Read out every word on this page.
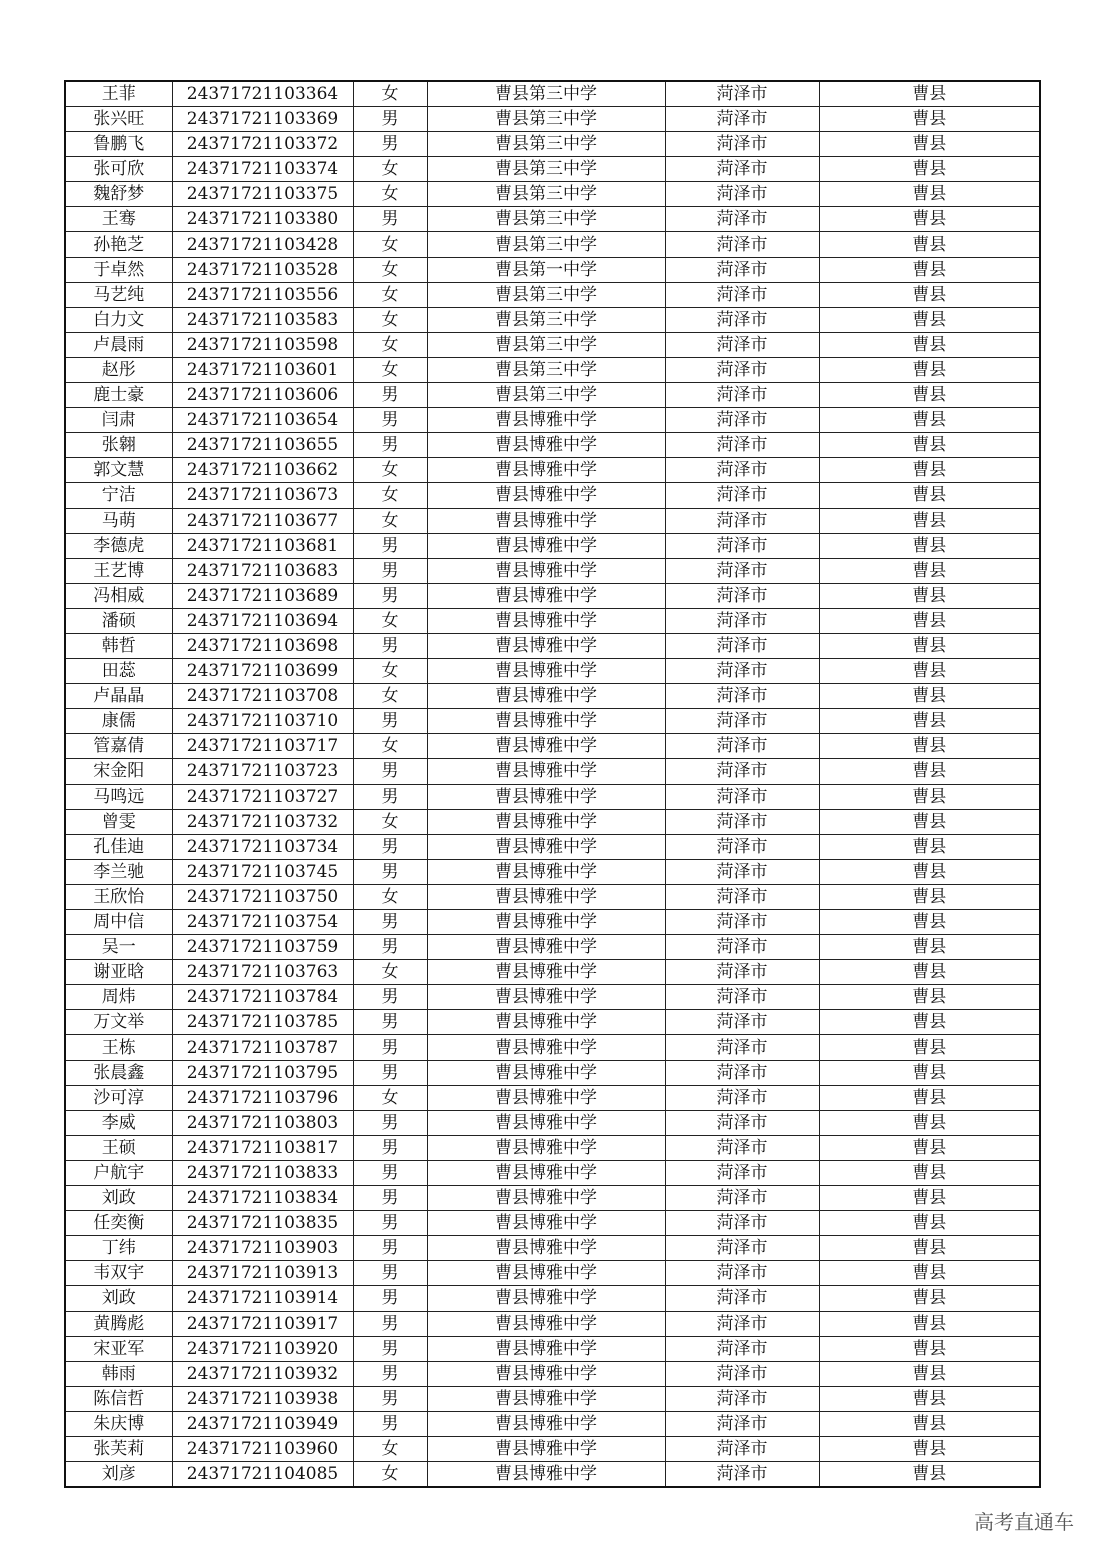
王菲	24371721103364	女	曹县第三中学	菏泽市	曹县
张兴旺	24371721103369	男	曹县第三中学	菏泽市	曹县
鲁鹏飞	24371721103372	男	曹县第三中学	菏泽市	曹县
张可欣	24371721103374	女	曹县第三中学	菏泽市	曹县
魏舒梦	24371721103375	女	曹县第三中学	菏泽市	曹县
王骞	24371721103380	男	曹县第三中学	菏泽市	曹县
孙艳芝	24371721103428	女	曹县第三中学	菏泽市	曹县
于卓然	24371721103528	女	曹县第一中学	菏泽市	曹县
马艺纯	24371721103556	女	曹县第三中学	菏泽市	曹县
白力文	24371721103583	女	曹县第三中学	菏泽市	曹县
卢晨雨	24371721103598	女	曹县第三中学	菏泽市	曹县
赵彤	24371721103601	女	曹县第三中学	菏泽市	曹县
鹿士豪	24371721103606	男	曹县第三中学	菏泽市	曹县
闫肃	24371721103654	男	曹县博雅中学	菏泽市	曹县
张翱	24371721103655	男	曹县博雅中学	菏泽市	曹县
郭文慧	24371721103662	女	曹县博雅中学	菏泽市	曹县
宁洁	24371721103673	女	曹县博雅中学	菏泽市	曹县
马萌	24371721103677	女	曹县博雅中学	菏泽市	曹县
李德虎	24371721103681	男	曹县博雅中学	菏泽市	曹县
王艺博	24371721103683	男	曹县博雅中学	菏泽市	曹县
冯相威	24371721103689	男	曹县博雅中学	菏泽市	曹县
潘硕	24371721103694	女	曹县博雅中学	菏泽市	曹县
韩哲	24371721103698	男	曹县博雅中学	菏泽市	曹县
田蕊	24371721103699	女	曹县博雅中学	菏泽市	曹县
卢晶晶	24371721103708	女	曹县博雅中学	菏泽市	曹县
康儒	24371721103710	男	曹县博雅中学	菏泽市	曹县
管嘉倩	24371721103717	女	曹县博雅中学	菏泽市	曹县
宋金阳	24371721103723	男	曹县博雅中学	菏泽市	曹县
马鸣远	24371721103727	男	曹县博雅中学	菏泽市	曹县
曾雯	24371721103732	女	曹县博雅中学	菏泽市	曹县
孔佳迪	24371721103734	男	曹县博雅中学	菏泽市	曹县
李兰驰	24371721103745	男	曹县博雅中学	菏泽市	曹县
王欣怡	24371721103750	女	曹县博雅中学	菏泽市	曹县
周中信	24371721103754	男	曹县博雅中学	菏泽市	曹县
吴一	24371721103759	男	曹县博雅中学	菏泽市	曹县
谢亚晗	24371721103763	女	曹县博雅中学	菏泽市	曹县
周炜	24371721103784	男	曹县博雅中学	菏泽市	曹县
万文举	24371721103785	男	曹县博雅中学	菏泽市	曹县
王栋	24371721103787	男	曹县博雅中学	菏泽市	曹县
张晨鑫	24371721103795	男	曹县博雅中学	菏泽市	曹县
沙可淳	24371721103796	女	曹县博雅中学	菏泽市	曹县
李威	24371721103803	男	曹县博雅中学	菏泽市	曹县
王硕	24371721103817	男	曹县博雅中学	菏泽市	曹县
户航宇	24371721103833	男	曹县博雅中学	菏泽市	曹县
刘政	24371721103834	男	曹县博雅中学	菏泽市	曹县
任奕衡	24371721103835	男	曹县博雅中学	菏泽市	曹县
丁纬	24371721103903	男	曹县博雅中学	菏泽市	曹县
韦双宇	24371721103913	男	曹县博雅中学	菏泽市	曹县
刘政	24371721103914	男	曹县博雅中学	菏泽市	曹县
黄腾彪	24371721103917	男	曹县博雅中学	菏泽市	曹县
宋亚军	24371721103920	男	曹县博雅中学	菏泽市	曹县
韩雨	24371721103932	男	曹县博雅中学	菏泽市	曹县
陈信哲	24371721103938	男	曹县博雅中学	菏泽市	曹县
朱庆博	24371721103949	男	曹县博雅中学	菏泽市	曹县
张芙莉	24371721103960	女	曹县博雅中学	菏泽市	曹县
刘彦	24371721104085	女	曹县博雅中学	菏泽市	曹县
高考直通车
